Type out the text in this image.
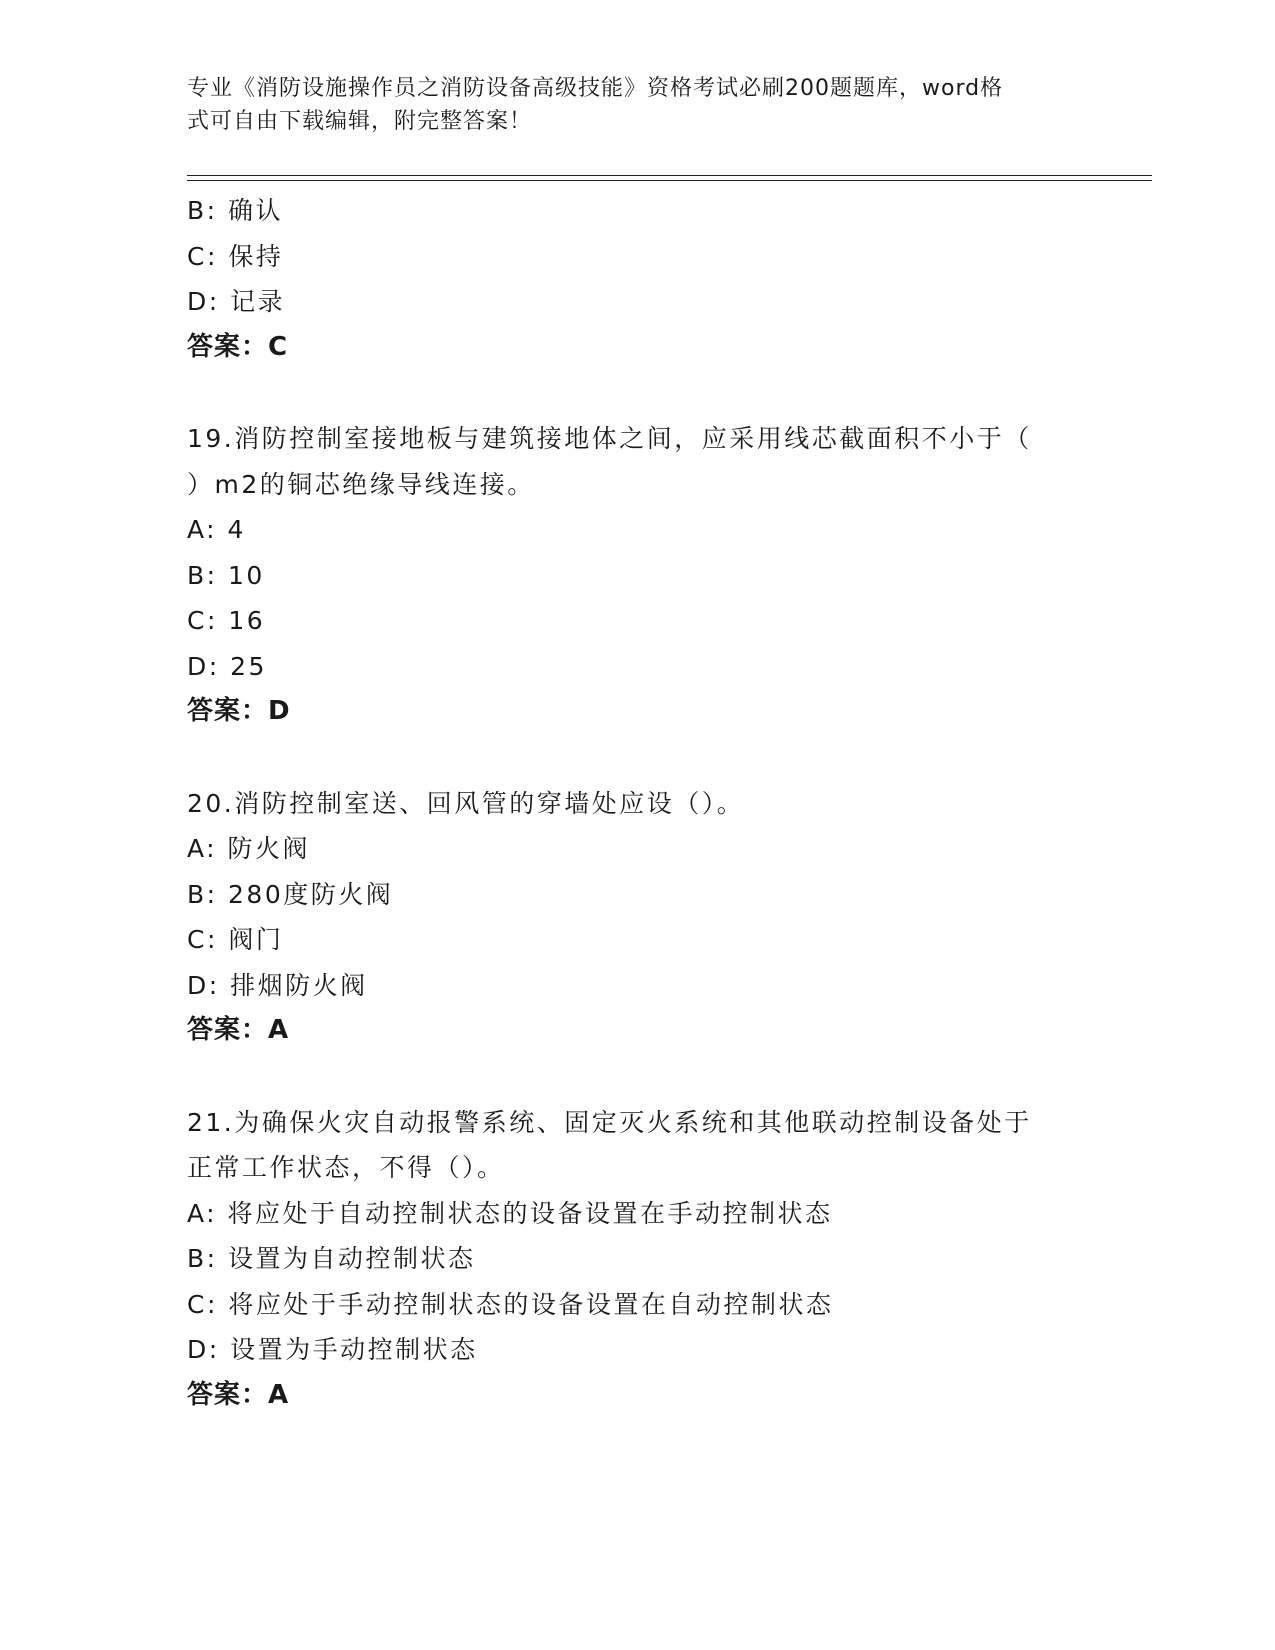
专业《消防设施操作员之消防设备高级技能》资格考试必刷200题题库，word格
式可自由下载编辑，附完整答案！
B: 确认
C: 保持
D: 记录
答案：C
19.消防控制室接地板与建筑接地体之间，应采用线芯截面积不小于（
）m2的铜芯绝缘导线连接。
A: 4
B: 10
C: 16
D: 25
答案：D
20.消防控制室送、回风管的穿墙处应设（）。
A: 防火阀
B: 280度防火阀
C: 阀门
D: 排烟防火阀
答案：A
21.为确保火灾自动报警系统、固定灭火系统和其他联动控制设备处于
正常工作状态，不得（）。
A: 将应处于自动控制状态的设备设置在手动控制状态
B: 设置为自动控制状态
C: 将应处于手动控制状态的设备设置在自动控制状态
D: 设置为手动控制状态
答案：A
